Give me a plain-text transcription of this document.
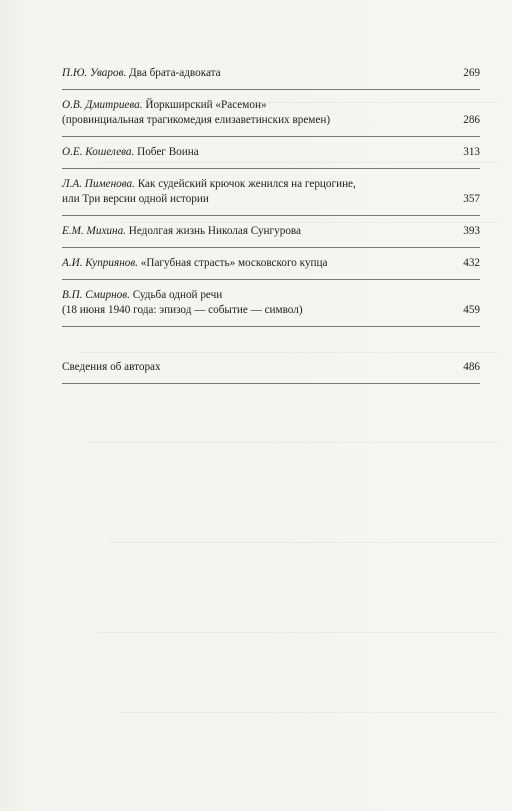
П.Ю. Уваров. Два брата-адвоката	269
О.В. Дмитриева. Йоркширский «Расемон»
(провинциальная трагикомедия елизаветинских времен)	286
О.Е. Кошелева. Побег Воина	313
Л.А. Пименова. Как судейский крючок женился на герцогине,
или Три версии одной истории	357
Е.М. Михина. Недолгая жизнь Николая Сунгурова	393
А.И. Куприянов. «Пагубная страсть» московского купца	432
В.П. Смирнов. Судьба одной речи
(18 июня 1940 года: эпизод — событие — символ)	459
Сведения об авторах	486
